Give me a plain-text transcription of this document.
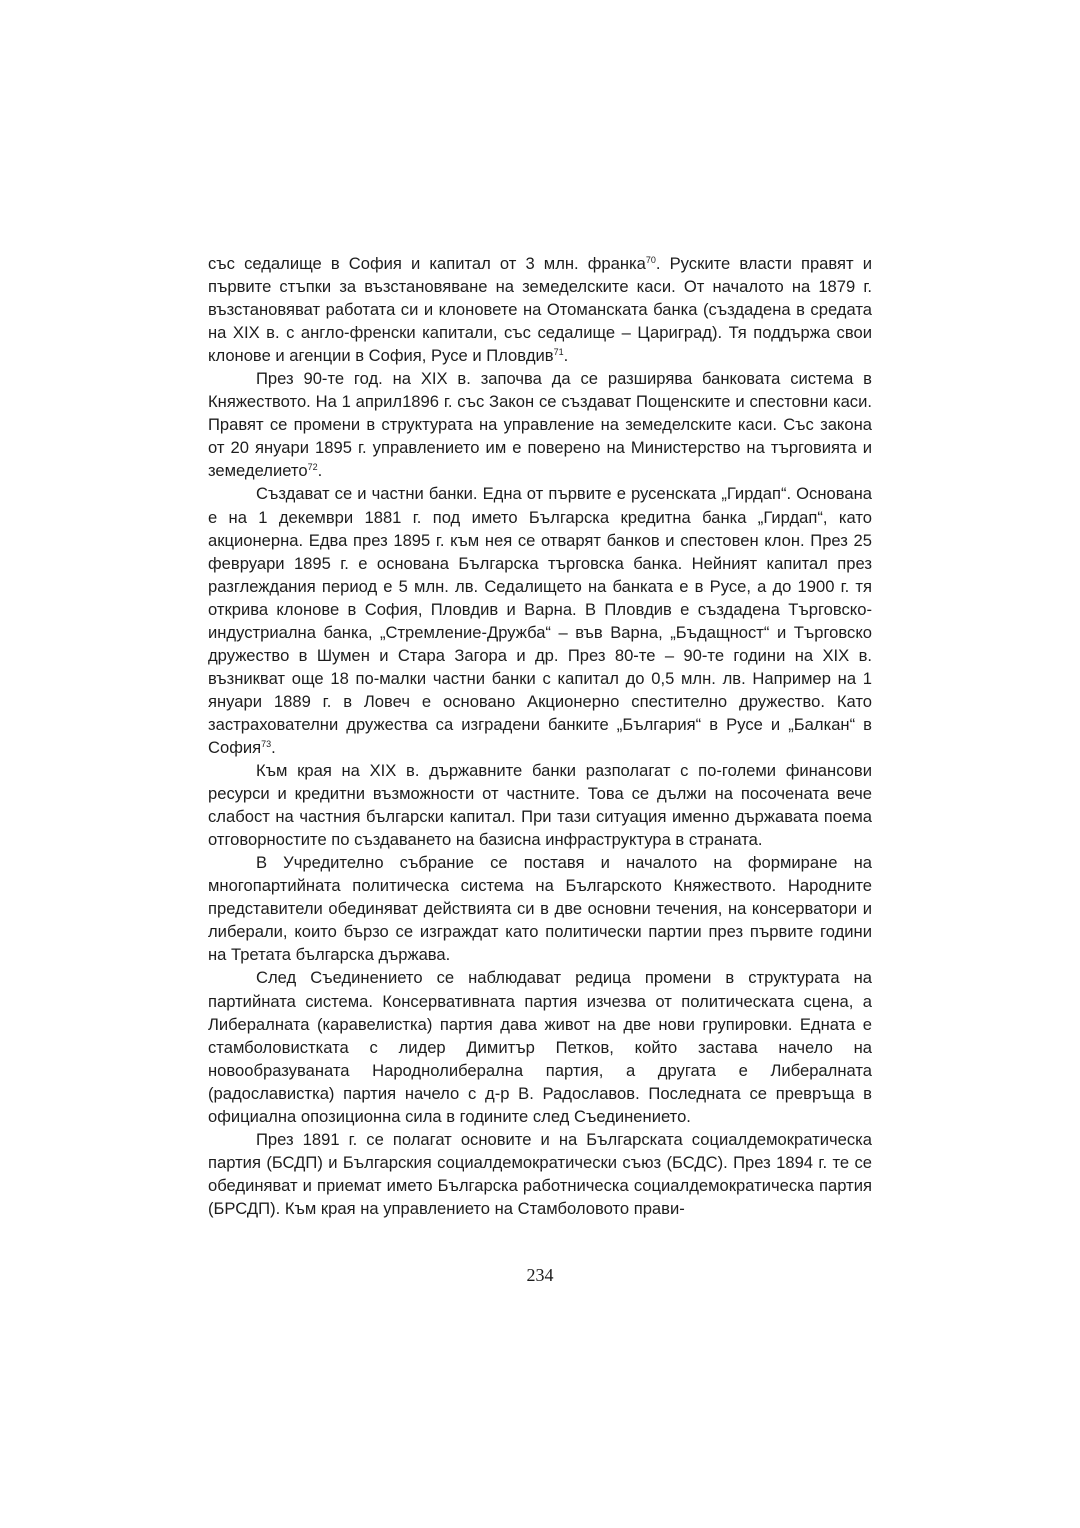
със седалище в София и капитал от 3 млн. франка$^{70}$. Руските власти правят и първите стъпки за възстановяване на земеделските каси. От началото на 1879 г. възстановяват работата си и клоновете на Отоманската банка (създадена в средата на XIX в. с англо-френски капитали, със седалище – Цариград). Тя поддържа свои клонове и агенции в София, Русе и Пловдив$^{71}$.

През 90-те год. на XIX в. започва да се разширява банковата система в Княжеството. На 1 април1896 г. със Закон се създават Пощенските и спестовни каси. Правят се промени в структурата на управление на земеделските каси. Със закона от 20 януари 1895 г. управлението им е поверено на Министерство на търговията и земеделието$^{72}$.

Създават се и частни банки. Една от първите е русенската „Гирдап“. Основана е на 1 декември 1881 г. под името Българска кредитна банка „Гирдап“, като акционерна. Едва през 1895 г. към нея се отварят банков и спестовен клон. През 25 февруари 1895 г. е основана Българска търговска банка. Нейният капитал през разглеждания период е 5 млн. лв. Седалището на банката е в Русе, а до 1900 г. тя открива клонове в София, Пловдив и Варна. В Пловдив е създадена Търговско-индустриална банка, „Стремление-Дружба“ – във Варна, „Бъдащност“ и Търговско дружество в Шумен и Стара Загора и др. През 80-те – 90-те години на XIX в. възникват още 18 по-малки частни банки с капитал до 0,5 млн. лв. Например на 1 януари 1889 г. в Ловеч е основано Акционерно спестително дружество. Като застрахователни дружества са изградени банките „България“ в Русе и „Балкан“ в София$^{73}$.

Към края на XIX в. държавните банки разполагат с по-големи финансови ресурси и кредитни възможности от частните. Това се дължи на посочената вече слабост на частния български капитал. При тази ситуация именно държавата поема отговорностите по създаването на базисна инфраструктура в страната.

В Учредително събрание се поставя и началото на формиране на многопартийната политическа система на Българското Княжеството. Народните представители обединяват действията си в две основни течения, на консерватори и либерали, които бързо се изграждат като политически партии през първите години на Третата българска държава.

След Съединението се наблюдават редица промени в структурата на партийната система. Консервативната партия изчезва от политическата сцена, а Либералната (каравелистка) партия дава живот на две нови групировки. Едната е стамболовистката с лидер Димитър Петков, който застава начело на новообразуваната Народнолиберална партия, а другата е Либералната (радославистка) партия начело с д-р В. Радославов. Последната се превръща в официална опозиционна сила в годините след Съединението.

През 1891 г. се полагат основите и на Българската социалдемократическа партия (БСДП) и Българския социалдемократически съюз (БСДС). През 1894 г. те се обединяват и приемат името Българска работническа социалдемократическа партия (БРСДП). Към края на управлението на Стамболовото прави-

234
